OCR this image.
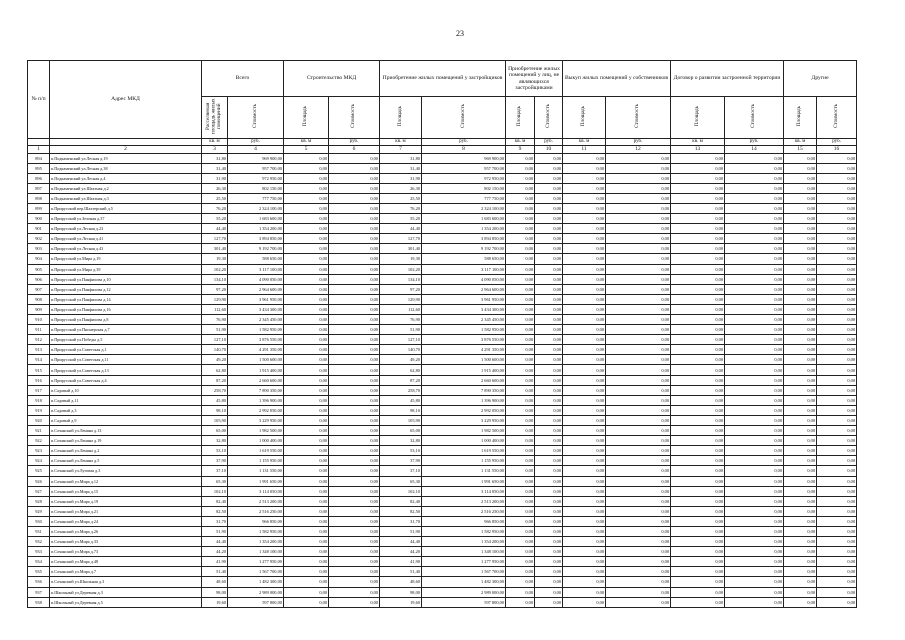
23
№ п/п	Адрес МКД	Всего		Строительство МКД		Приобретение жилых помещений у застройщиков		Приобретение жилых помещений у лиц, не являющихся застройщиками		Выкуп жилых помещений у собственников		Договор о развитии застроенной территории		Другие	
		Расселяемая площадь жилых помещений	Стоимость	Площадь	Стоимость	Площадь	Стоимость	Площадь	Стоимость	Площадь	Стоимость	Площадь	Стоимость	Площадь	Стоимость
		кв. м	руб.	кв. м	руб.	кв. м	руб.	кв. м	руб.	кв. м	руб.	кв. м	руб.	кв. м	руб.
1	2	3	4	5	6	7	8	9	10	11	12	13	14	15	16
894	п.Подкаменский ул.Лесная д.19	31,80	969 900,00	0,00	0,00	31,80	969 900,00	0,00	0,00	0,00	0,00	0,00	0,00	0,00	0,00
895	п.Подкаменский ул.Лесная д.38	31,40	957 700,00	0,00	0,00	31,40	957 700,00	0,00	0,00	0,00	0,00	0,00	0,00	0,00	0,00
896	п.Подкаменский ул.Лесная д.4	31,90	972 950,00	0,00	0,00	31,90	972 950,00	0,00	0,00	0,00	0,00	0,00	0,00	0,00	0,00
897	п.Подкаменский ул.Шахтная д.2	26,30	802 150,00	0,00	0,00	26,30	802 150,00	0,00	0,00	0,00	0,00	0,00	0,00	0,00	0,00
898	п.Подкаменский ул.Шахтная д.3	25,50	777 750,00	0,00	0,00	25,50	777 750,00	0,00	0,00	0,00	0,00	0,00	0,00	0,00	0,00
899	п.Прирусский пер.Шахтерский д.5	76,20	2 324 100,00	0,00	0,00	76,20	2 324 100,00	0,00	0,00	0,00	0,00	0,00	0,00	0,00	0,00
900	п.Прирусский ул.Зеленая д.37	55,20	1 683 600,00	0,00	0,00	55,20	1 683 600,00	0,00	0,00	0,00	0,00	0,00	0,00	0,00	0,00
901	п.Прирусский ул.Лесная д.23	44,40	1 354 200,00	0,00	0,00	44,40	1 354 200,00	0,00	0,00	0,00	0,00	0,00	0,00	0,00	0,00
902	п.Прирусский ул.Лесная д.41	127,70	3 894 850,00	0,00	0,00	127,70	3 894 850,00	0,00	0,00	0,00	0,00	0,00	0,00	0,00	0,00
903	п.Прирусский ул.Лесная д.43	301,40	9 192 700,00	0,00	0,00	301,40	9 192 700,00	0,00	0,00	0,00	0,00	0,00	0,00	0,00	0,00
904	п.Прирусский ул.Мира д.19	19,30	588 650,00	0,00	0,00	19,30	588 650,00	0,00	0,00	0,00	0,00	0,00	0,00	0,00	0,00
905	п.Прирусский ул.Мира д.39	102,20	3 117 100,00	0,00	0,00	102,20	3 117 100,00	0,00	0,00	0,00	0,00	0,00	0,00	0,00	0,00
906	п.Прирусский ул.Панфилова д.10	134,10	4 090 050,00	0,00	0,00	134,10	4 090 050,00	0,00	0,00	0,00	0,00	0,00	0,00	0,00	0,00
907	п.Прирусский ул.Панфилова д.12	97,20	2 964 600,00	0,00	0,00	97,20	2 964 600,00	0,00	0,00	0,00	0,00	0,00	0,00	0,00	0,00
908	п.Прирусский ул.Панфилова д.14	129,90	3 961 950,00	0,00	0,00	129,90	3 961 950,00	0,00	0,00	0,00	0,00	0,00	0,00	0,00	0,00
909	п.Прирусский ул.Панфилова д.16	112,60	3 434 300,00	0,00	0,00	112,60	3 434 300,00	0,00	0,00	0,00	0,00	0,00	0,00	0,00	0,00
910	п.Прирусский ул.Панфилова д.8	76,90	2 345 450,00	0,00	0,00	76,90	2 345 450,00	0,00	0,00	0,00	0,00	0,00	0,00	0,00	0,00
911	п.Прирусский ул.Пионерская д.7	51,90	1 582 950,00	0,00	0,00	51,90	1 582 950,00	0,00	0,00	0,00	0,00	0,00	0,00	0,00	0,00
912	п.Прирусский ул.Победы д.5	127,10	3 876 550,00	0,00	0,00	127,10	3 876 550,00	0,00	0,00	0,00	0,00	0,00	0,00	0,00	0,00
913	п.Прирусский ул.Советская д.1	140,70	4 291 350,00	0,00	0,00	140,70	4 291 350,00	0,00	0,00	0,00	0,00	0,00	0,00	0,00	0,00
914	п.Прирусский ул.Советская д.11	49,20	1 500 600,00	0,00	0,00	49,20	1 500 600,00	0,00	0,00	0,00	0,00	0,00	0,00	0,00	0,00
915	п.Прирусский ул.Советская д.13	62,80	1 915 400,00	0,00	0,00	62,80	1 915 400,00	0,00	0,00	0,00	0,00	0,00	0,00	0,00	0,00
916	п.Прирусский ул.Советская д.4	87,20	2 660 600,00	0,00	0,00	87,20	2 660 600,00	0,00	0,00	0,00	0,00	0,00	0,00	0,00	0,00
917	п.Садовый д.10	258,70	7 890 350,00	0,00	0,00	258,70	7 890 350,00	0,00	0,00	0,00	0,00	0,00	0,00	0,00	0,00
918	п.Садовый д.11	45,80	1 396 900,00	0,00	0,00	45,80	1 396 900,00	0,00	0,00	0,00	0,00	0,00	0,00	0,00	0,00
919	п.Садовый д.3	98,10	2 992 050,00	0,00	0,00	98,10	2 992 050,00	0,00	0,00	0,00	0,00	0,00	0,00	0,00	0,00
920	п.Садовый д.9	105,90	3 229 950,00	0,00	0,00	105,90	3 229 950,00	0,00	0,00	0,00	0,00	0,00	0,00	0,00	0,00
921	п.Сочанский ул.Ленина д.13	65,00	1 982 500,00	0,00	0,00	65,00	1 982 500,00	0,00	0,00	0,00	0,00	0,00	0,00	0,00	0,00
922	п.Сочанский ул.Ленина д.19	32,80	1 000 400,00	0,00	0,00	32,80	1 000 400,00	0,00	0,00	0,00	0,00	0,00	0,00	0,00	0,00
923	п.Сочанский ул.Ленина д.2	53,10	1 619 550,00	0,00	0,00	53,10	1 619 550,00	0,00	0,00	0,00	0,00	0,00	0,00	0,00	0,00
924	п.Сочанский ул.Ленина д.5	37,90	1 155 950,00	0,00	0,00	37,90	1 155 950,00	0,00	0,00	0,00	0,00	0,00	0,00	0,00	0,00
925	п.Сочанский ул.Луговая д.3	37,10	1 131 550,00	0,00	0,00	37,10	1 131 550,00	0,00	0,00	0,00	0,00	0,00	0,00	0,00	0,00
926	п.Сочанский ул.Мира д.12	65,30	1 991 650,00	0,00	0,00	65,30	1 991 650,00	0,00	0,00	0,00	0,00	0,00	0,00	0,00	0,00
927	п.Сочанский ул.Мира д.15	102,10	3 114 050,00	0,00	0,00	102,10	3 114 050,00	0,00	0,00	0,00	0,00	0,00	0,00	0,00	0,00
928	п.Сочанский ул.Мира д.19	82,40	2 513 200,00	0,00	0,00	82,40	2 513 200,00	0,00	0,00	0,00	0,00	0,00	0,00	0,00	0,00
929	п.Сочанский ул.Мира д.21	82,50	2 516 250,00	0,00	0,00	82,50	2 516 250,00	0,00	0,00	0,00	0,00	0,00	0,00	0,00	0,00
930	п.Сочанский ул.Мира д.24	31,70	966 850,00	0,00	0,00	31,70	966 850,00	0,00	0,00	0,00	0,00	0,00	0,00	0,00	0,00
931	п.Сочанский ул.Мира д.26	51,90	1 582 950,00	0,00	0,00	51,90	1 582 950,00	0,00	0,00	0,00	0,00	0,00	0,00	0,00	0,00
932	п.Сочанский ул.Мира д.33	44,40	1 354 200,00	0,00	0,00	44,40	1 354 200,00	0,00	0,00	0,00	0,00	0,00	0,00	0,00	0,00
933	п.Сочанский ул.Мира д.73	44,20	1 348 100,00	0,00	0,00	44,20	1 348 100,00	0,00	0,00	0,00	0,00	0,00	0,00	0,00	0,00
934	п.Сочанский ул.Мира д.48	41,90	1 277 950,00	0,00	0,00	41,90	1 277 950,00	0,00	0,00	0,00	0,00	0,00	0,00	0,00	0,00
935	п.Сочанский ул.Мира д.7	51,40	1 567 700,00	0,00	0,00	51,40	1 567 700,00	0,00	0,00	0,00	0,00	0,00	0,00	0,00	0,00
936	п.Сочанский ул.Школьная д.3	48,60	1 482 300,00	0,00	0,00	48,60	1 482 300,00	0,00	0,00	0,00	0,00	0,00	0,00	0,00	0,00
937	п.Школьный ул.Деревная д.3	98,00	2 989 000,00	0,00	0,00	98,00	2 989 000,00	0,00	0,00	0,00	0,00	0,00	0,00	0,00	0,00
938	п.Школьный ул.Деревная д.5	19,60	597 800,00	0,00	0,00	19,60	597 800,00	0,00	0,00	0,00	0,00	0,00	0,00	0,00	0,00
